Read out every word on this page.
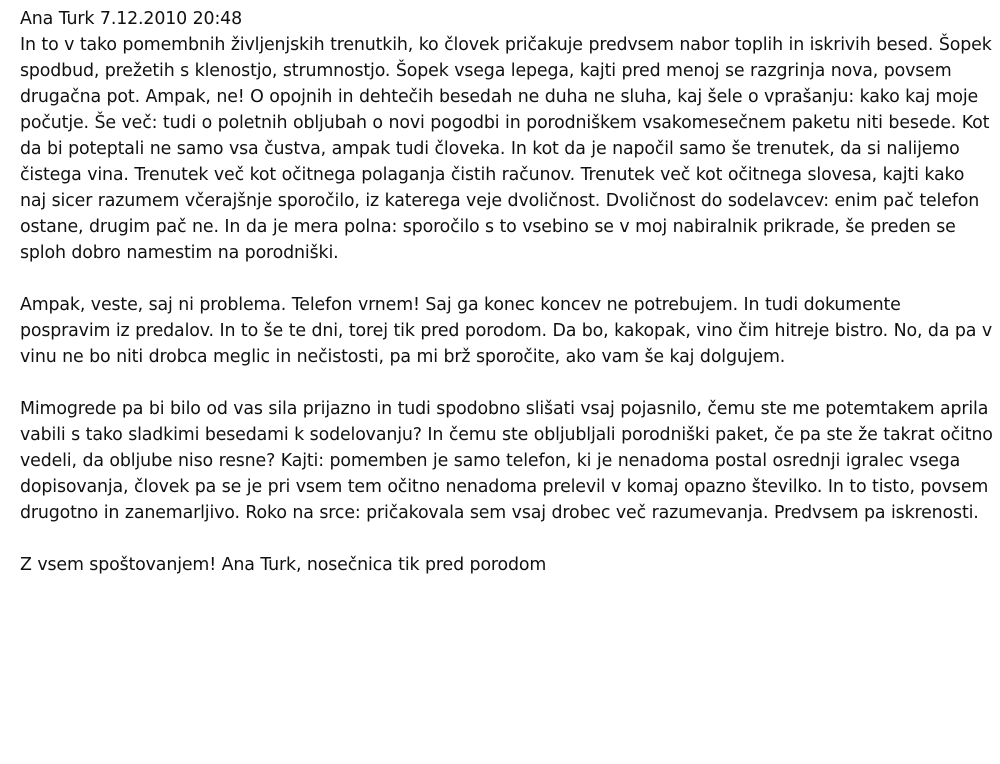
Ana Turk 7.12.2010 20:48

In to v tako pomembnih življenjskih trenutkih, ko človek pričakuje predvsem nabor toplih in iskrivih besed. Šopek spodbud, prežetih s klenostjo, strumnostjo. Šopek vsega lepega, kajti pred menoj se razgrinja nova, povsem drugačna pot. Ampak, ne! O opojnih in dehtečih besedah ne duha ne sluha, kaj šele o vprašanju: kako kaj moje počutje. Še več: tudi o poletnih obljubah o novi pogodbi in porodniškem vsakomesečnem paketu niti besede. Kot da bi poteptali ne samo vsa čustva, ampak tudi človeka. In kot da je napočil samo še trenutek, da si nalijemo čistega vina. Trenutek več kot očitnega polaganja čistih računov. Trenutek več kot očitnega slovesa, kajti kako naj sicer razumem včerajšnje sporočilo, iz katerega veje dvoličnost. Dvoličnost do sodelavcev: enim pač telefon ostane, drugim pač ne. In da je mera polna: sporočilo s to vsebino se v moj nabiralnik prikrade, še preden se sploh dobro namestim na porodniški.

Ampak, veste, saj ni problema. Telefon vrnem! Saj ga konec koncev ne potrebujem. In tudi dokumente pospravim iz predalov. In to še te dni, torej tik pred porodom. Da bo, kakopak, vino čim hitreje bistro. No, da pa v vinu ne bo niti drobca meglic in nečistosti, pa mi brž sporočite, ako vam še kaj dolgujem.

Mimogrede pa bi bilo od vas sila prijazno in tudi spodobno slišati vsaj pojasnilo, čemu ste me potemtakem aprila vabili s tako sladkimi besedami k sodelovanju? In čemu ste obljubljali porodniški paket, če pa ste že takrat očitno vedeli, da obljube niso resne? Kajti: pomemben je samo telefon, ki je nenadoma postal osrednji igralec vsega dopisovanja, človek pa se je pri vsem tem očitno nenadoma prelevil v komaj opazno številko. In to tisto, povsem drugotno in zanemarljivo. Roko na srce: pričakovala sem vsaj drobec več razumevanja. Predvsem pa iskrenosti.

Z vsem spoštovanjem! Ana Turk, nosečnica tik pred porodom
